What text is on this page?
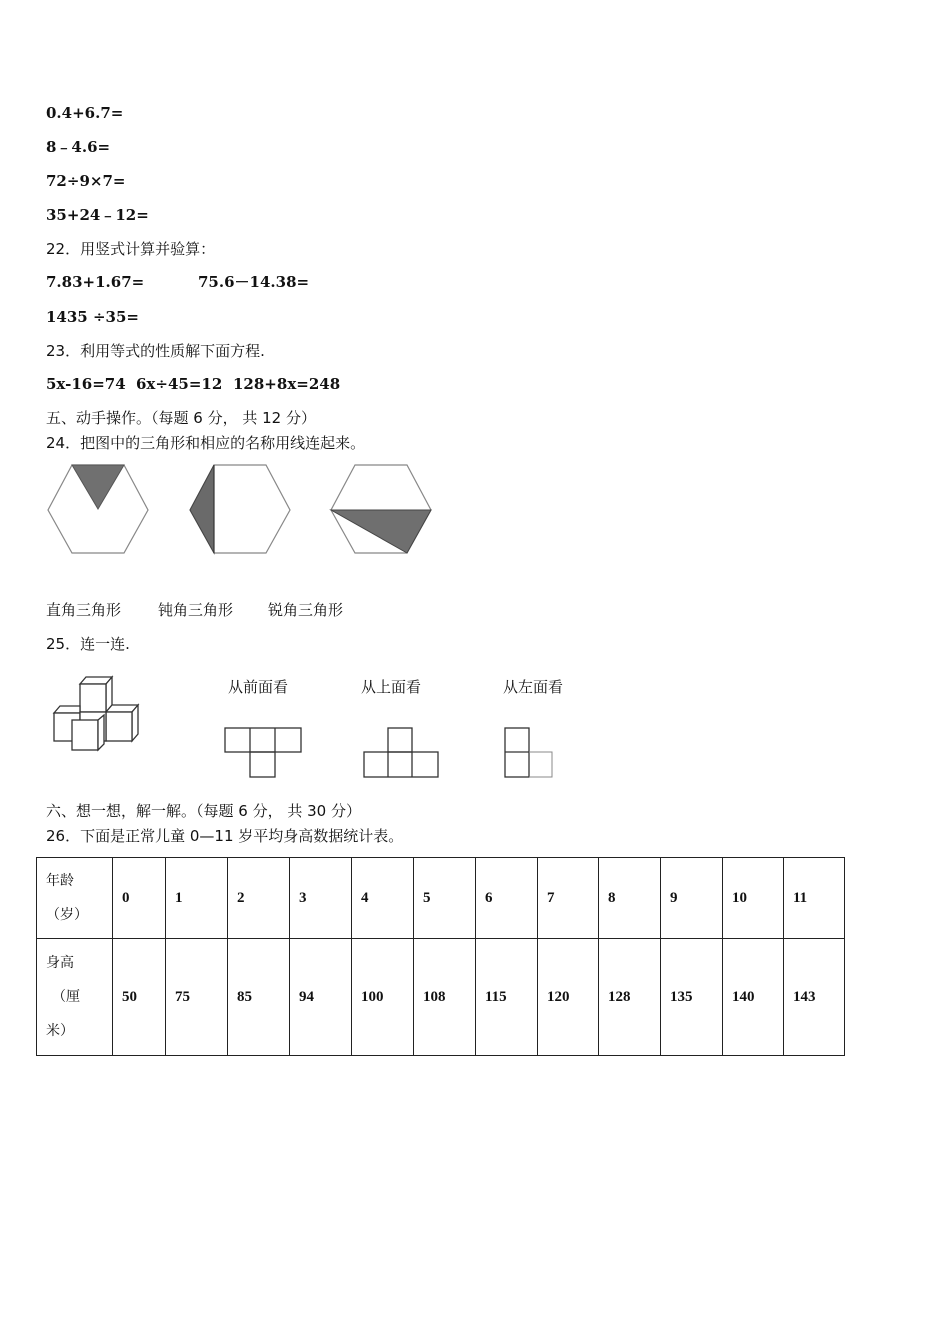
0.4+6.7=
8﹣4.6=
72÷9×7=
35+24﹣12=
22．用竖式计算并验算：
7.83+1.67=	75.6－14.38=
1435 ÷35=
23．利用等式的性质解下面方程.
5x-16=74 6x÷45=12 128+8x=248
五、动手操作。（每题 6 分， 共 12 分）
24．把图中的三角形和相应的名称用线连起来。
直角三角形 钝角三角形 锐角三角形
25．连一连.
从前面看	从上面看	从左面看
六、想一想，解一解。（每题 6 分， 共 30 分）
26．下面是正常儿童 0—11 岁平均身高数据统计表。
年龄
（岁）	0	1	2	3	4	5	6	7	8	9	10	11

身高
（厘
米）	50	75	85	94	100	108	115	120	128	135	140	143
